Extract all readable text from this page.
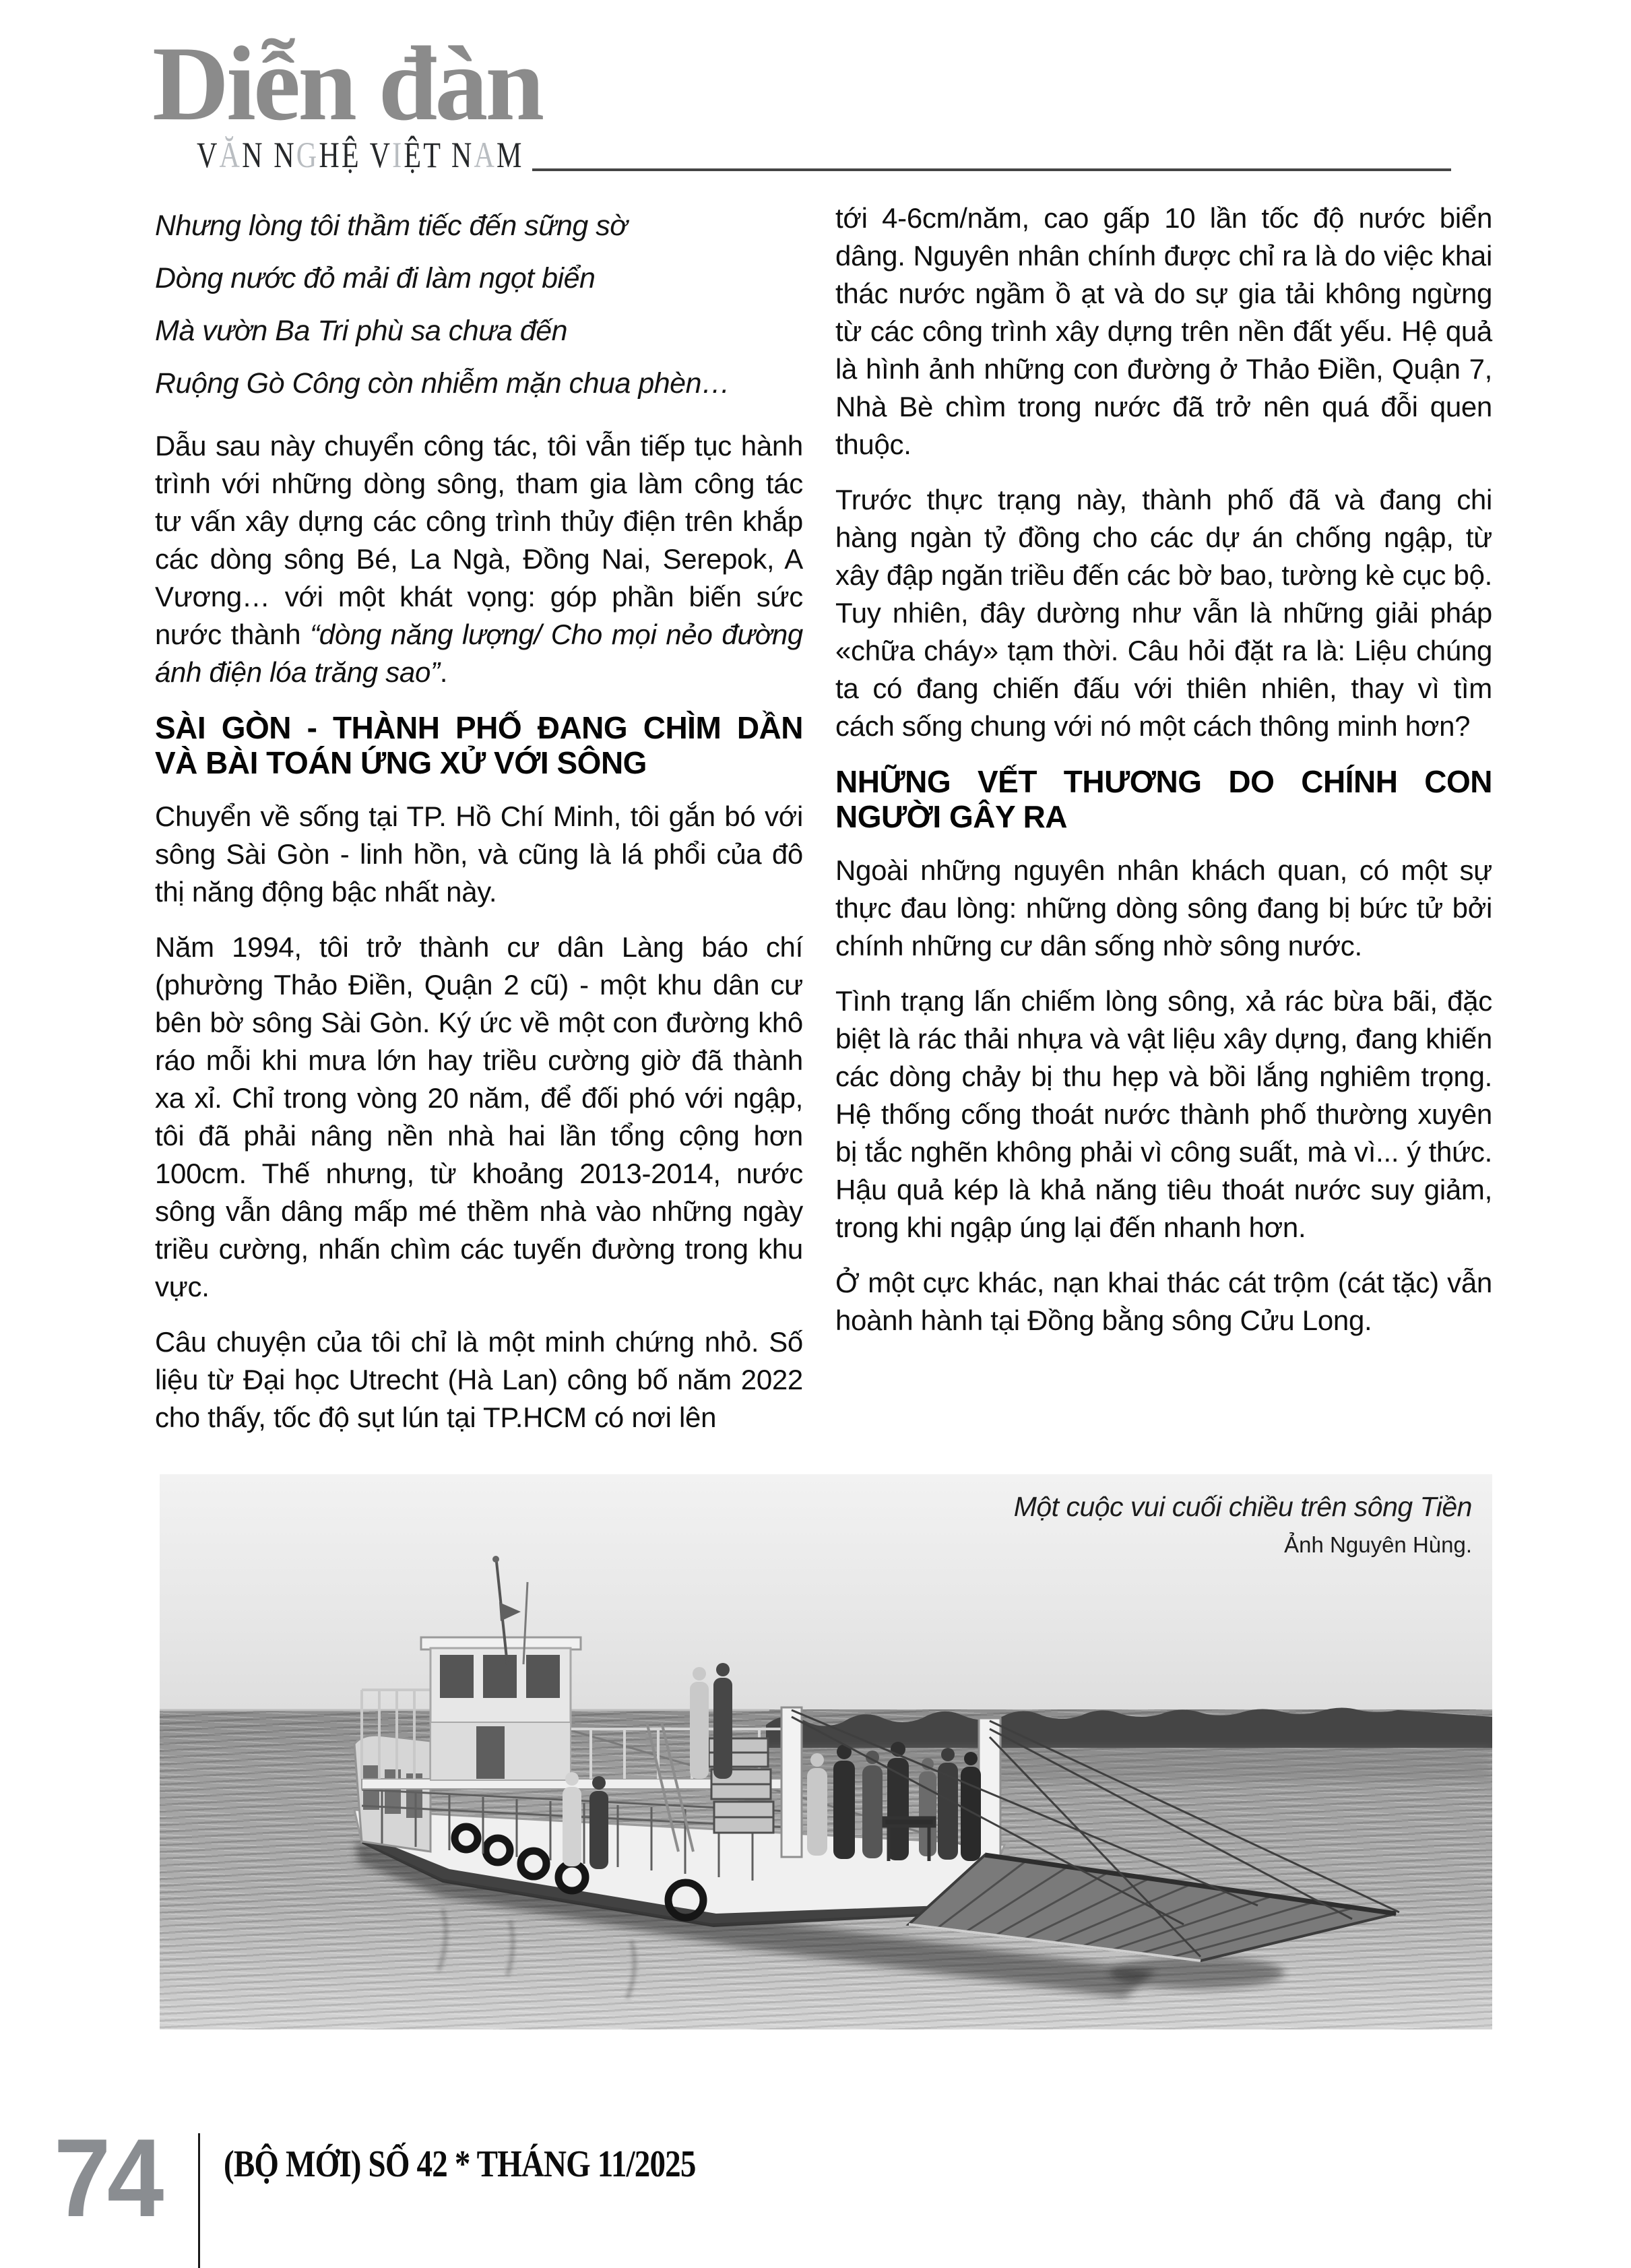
Diễn đàn
VĂN NGHỆ VIỆT NAM
Nhưng lòng tôi thầm tiếc đến sững sờ
Dòng nước đỏ mải đi làm ngọt biển
Mà vườn Ba Tri phù sa chưa đến
Ruộng Gò Công còn nhiễm mặn chua phèn…

Dẫu sau này chuyển công tác, tôi vẫn tiếp tục hành trình với những dòng sông, tham gia làm công tác tư vấn xây dựng các công trình thủy điện trên khắp các dòng sông Bé, La Ngà, Đồng Nai, Serepok, A Vương… với một khát vọng: góp phần biến sức nước thành “dòng năng lượng/ Cho mọi nẻo đường ánh điện lóa trăng sao”.

SÀI GÒN - THÀNH PHỐ ĐANG CHÌM DẦN
VÀ BÀI TOÁN ỨNG XỬ VỚI SÔNG

Chuyển về sống tại TP. Hồ Chí Minh, tôi gắn bó với sông Sài Gòn - linh hồn, và cũng là lá phổi của đô thị năng động bậc nhất này.

Năm 1994, tôi trở thành cư dân Làng báo chí (phường Thảo Điền, Quận 2 cũ) - một khu dân cư bên bờ sông Sài Gòn. Ký ức về một con đường khô ráo mỗi khi mưa lớn hay triều cường giờ đã thành xa xỉ. Chỉ trong vòng 20 năm, để đối phó với ngập, tôi đã phải nâng nền nhà hai lần tổng cộng hơn 100cm. Thế nhưng, từ khoảng 2013-2014, nước sông vẫn dâng mấp mé thềm nhà vào những ngày triều cường, nhấn chìm các tuyến đường trong khu vực.

Câu chuyện của tôi chỉ là một minh chứng nhỏ. Số liệu từ Đại học Utrecht (Hà Lan) công bố năm 2022 cho thấy, tốc độ sụt lún tại TP.HCM có nơi lên

tới 4-6cm/năm, cao gấp 10 lần tốc độ nước biển dâng. Nguyên nhân chính được chỉ ra là do việc khai thác nước ngầm ồ ạt và do sự gia tải không ngừng từ các công trình xây dựng trên nền đất yếu. Hệ quả là hình ảnh những con đường ở Thảo Điền, Quận 7, Nhà Bè chìm trong nước đã trở nên quá đỗi quen thuộc.

Trước thực trạng này, thành phố đã và đang chi hàng ngàn tỷ đồng cho các dự án chống ngập, từ xây đập ngăn triều đến các bờ bao, tường kè cục bộ. Tuy nhiên, đây dường như vẫn là những giải pháp «chữa cháy» tạm thời. Câu hỏi đặt ra là: Liệu chúng ta có đang chiến đấu với thiên nhiên, thay vì tìm cách sống chung với nó một cách thông minh hơn?

NHỮNG VẾT THƯƠNG DO CHÍNH CON
NGƯỜI GÂY RA

Ngoài những nguyên nhân khách quan, có một sự thực đau lòng: những dòng sông đang bị bức tử bởi chính những cư dân sống nhờ sông nước.

Tình trạng lấn chiếm lòng sông, xả rác bừa bãi, đặc biệt là rác thải nhựa và vật liệu xây dựng, đang khiến các dòng chảy bị thu hẹp và bồi lắng nghiêm trọng. Hệ thống cống thoát nước thành phố thường xuyên bị tắc nghẽn không phải vì công suất, mà vì... ý thức. Hậu quả kép là khả năng tiêu thoát nước suy giảm, trong khi ngập úng lại đến nhanh hơn.

Ở một cực khác, nạn khai thác cát trộm (cát tặc) vẫn hoành hành tại Đồng bằng sông Cửu Long.

Một cuộc vui cuối chiều trên sông Tiền
Ảnh Nguyên Hùng.
74 (BỘ MỚI) SỐ 42 * THÁNG 11/2025
